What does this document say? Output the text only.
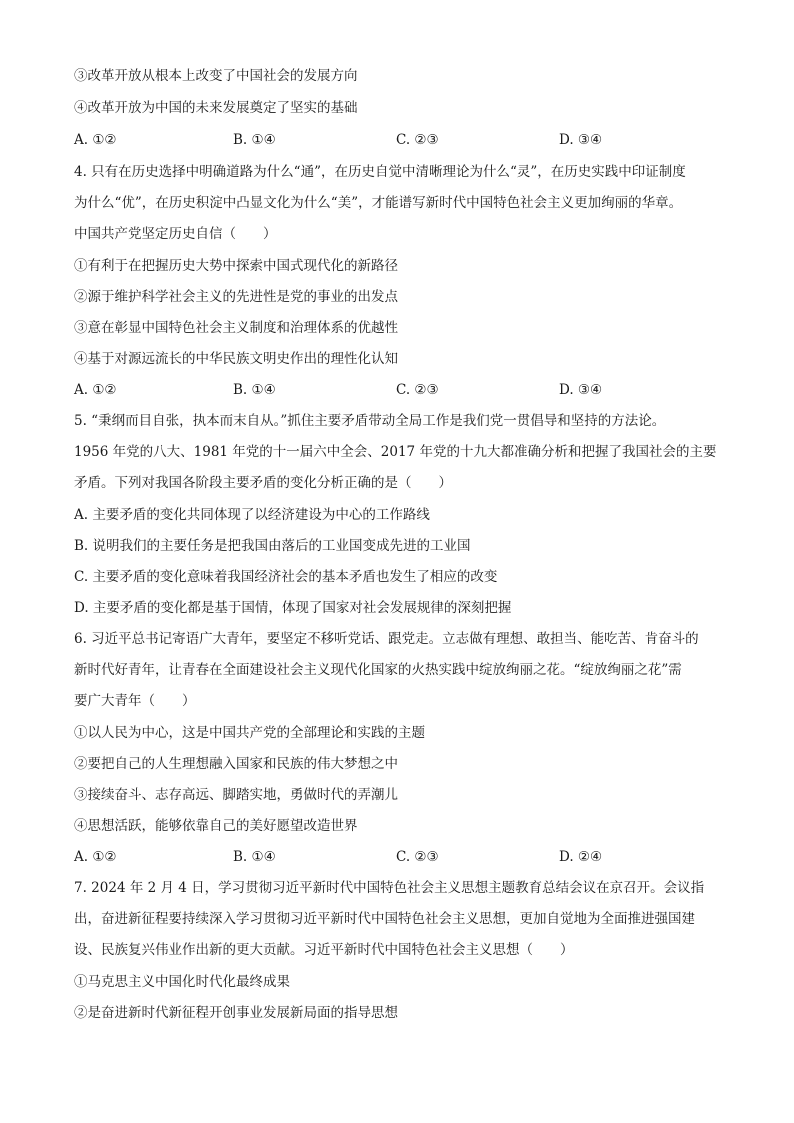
③改革开放从根本上改变了中国社会的发展方向
④改革开放为中国的未来发展奠定了坚实的基础
A. ①②	B. ①④	C. ②③	D. ③④
4. 只有在历史选择中明确道路为什么“通”，在历史自觉中清晰理论为什么“灵”，在历史实践中印证制度
为什么“优”，在历史积淀中凸显文化为什么“美”，才能谱写新时代中国特色社会主义更加绚丽的华章。
中国共产党坚定历史自信（　　）
①有利于在把握历史大势中探索中国式现代化的新路径
②源于维护科学社会主义的先进性是党的事业的出发点
③意在彰显中国特色社会主义制度和治理体系的优越性
④基于对源远流长的中华民族文明史作出的理性化认知
A. ①②	B. ①④	C. ②③	D. ③④
5. “秉纲而目自张，执本而末自从。”抓住主要矛盾带动全局工作是我们党一贯倡导和坚持的方法论。
1956 年党的八大、1981 年党的十一届六中全会、2017 年党的十九大都准确分析和把握了我国社会的主要
矛盾。下列对我国各阶段主要矛盾的变化分析正确的是（　　）
A. 主要矛盾的变化共同体现了以经济建设为中心的工作路线
B. 说明我们的主要任务是把我国由落后的工业国变成先进的工业国
C. 主要矛盾的变化意味着我国经济社会的基本矛盾也发生了相应的改变
D. 主要矛盾的变化都是基于国情，体现了国家对社会发展规律的深刻把握
6. 习近平总书记寄语广大青年，要坚定不移听党话、跟党走。立志做有理想、敢担当、能吃苦、肯奋斗的
新时代好青年，让青春在全面建设社会主义现代化国家的火热实践中绽放绚丽之花。“绽放绚丽之花”需
要广大青年（　　）
①以人民为中心，这是中国共产党的全部理论和实践的主题
②要把自己的人生理想融入国家和民族的伟大梦想之中
③接续奋斗、志存高远、脚踏实地，勇做时代的弄潮儿
④思想活跃，能够依靠自己的美好愿望改造世界
A. ①②	B. ①④	C. ②③	D. ②④
7. 2024 年 2 月 4 日，学习贯彻习近平新时代中国特色社会主义思想主题教育总结会议在京召开。会议指
出，奋进新征程要持续深入学习贯彻习近平新时代中国特色社会主义思想，更加自觉地为全面推进强国建
设、民族复兴伟业作出新的更大贡献。习近平新时代中国特色社会主义思想（　　）
①马克思主义中国化时代化最终成果
②是奋进新时代新征程开创事业发展新局面的指导思想
